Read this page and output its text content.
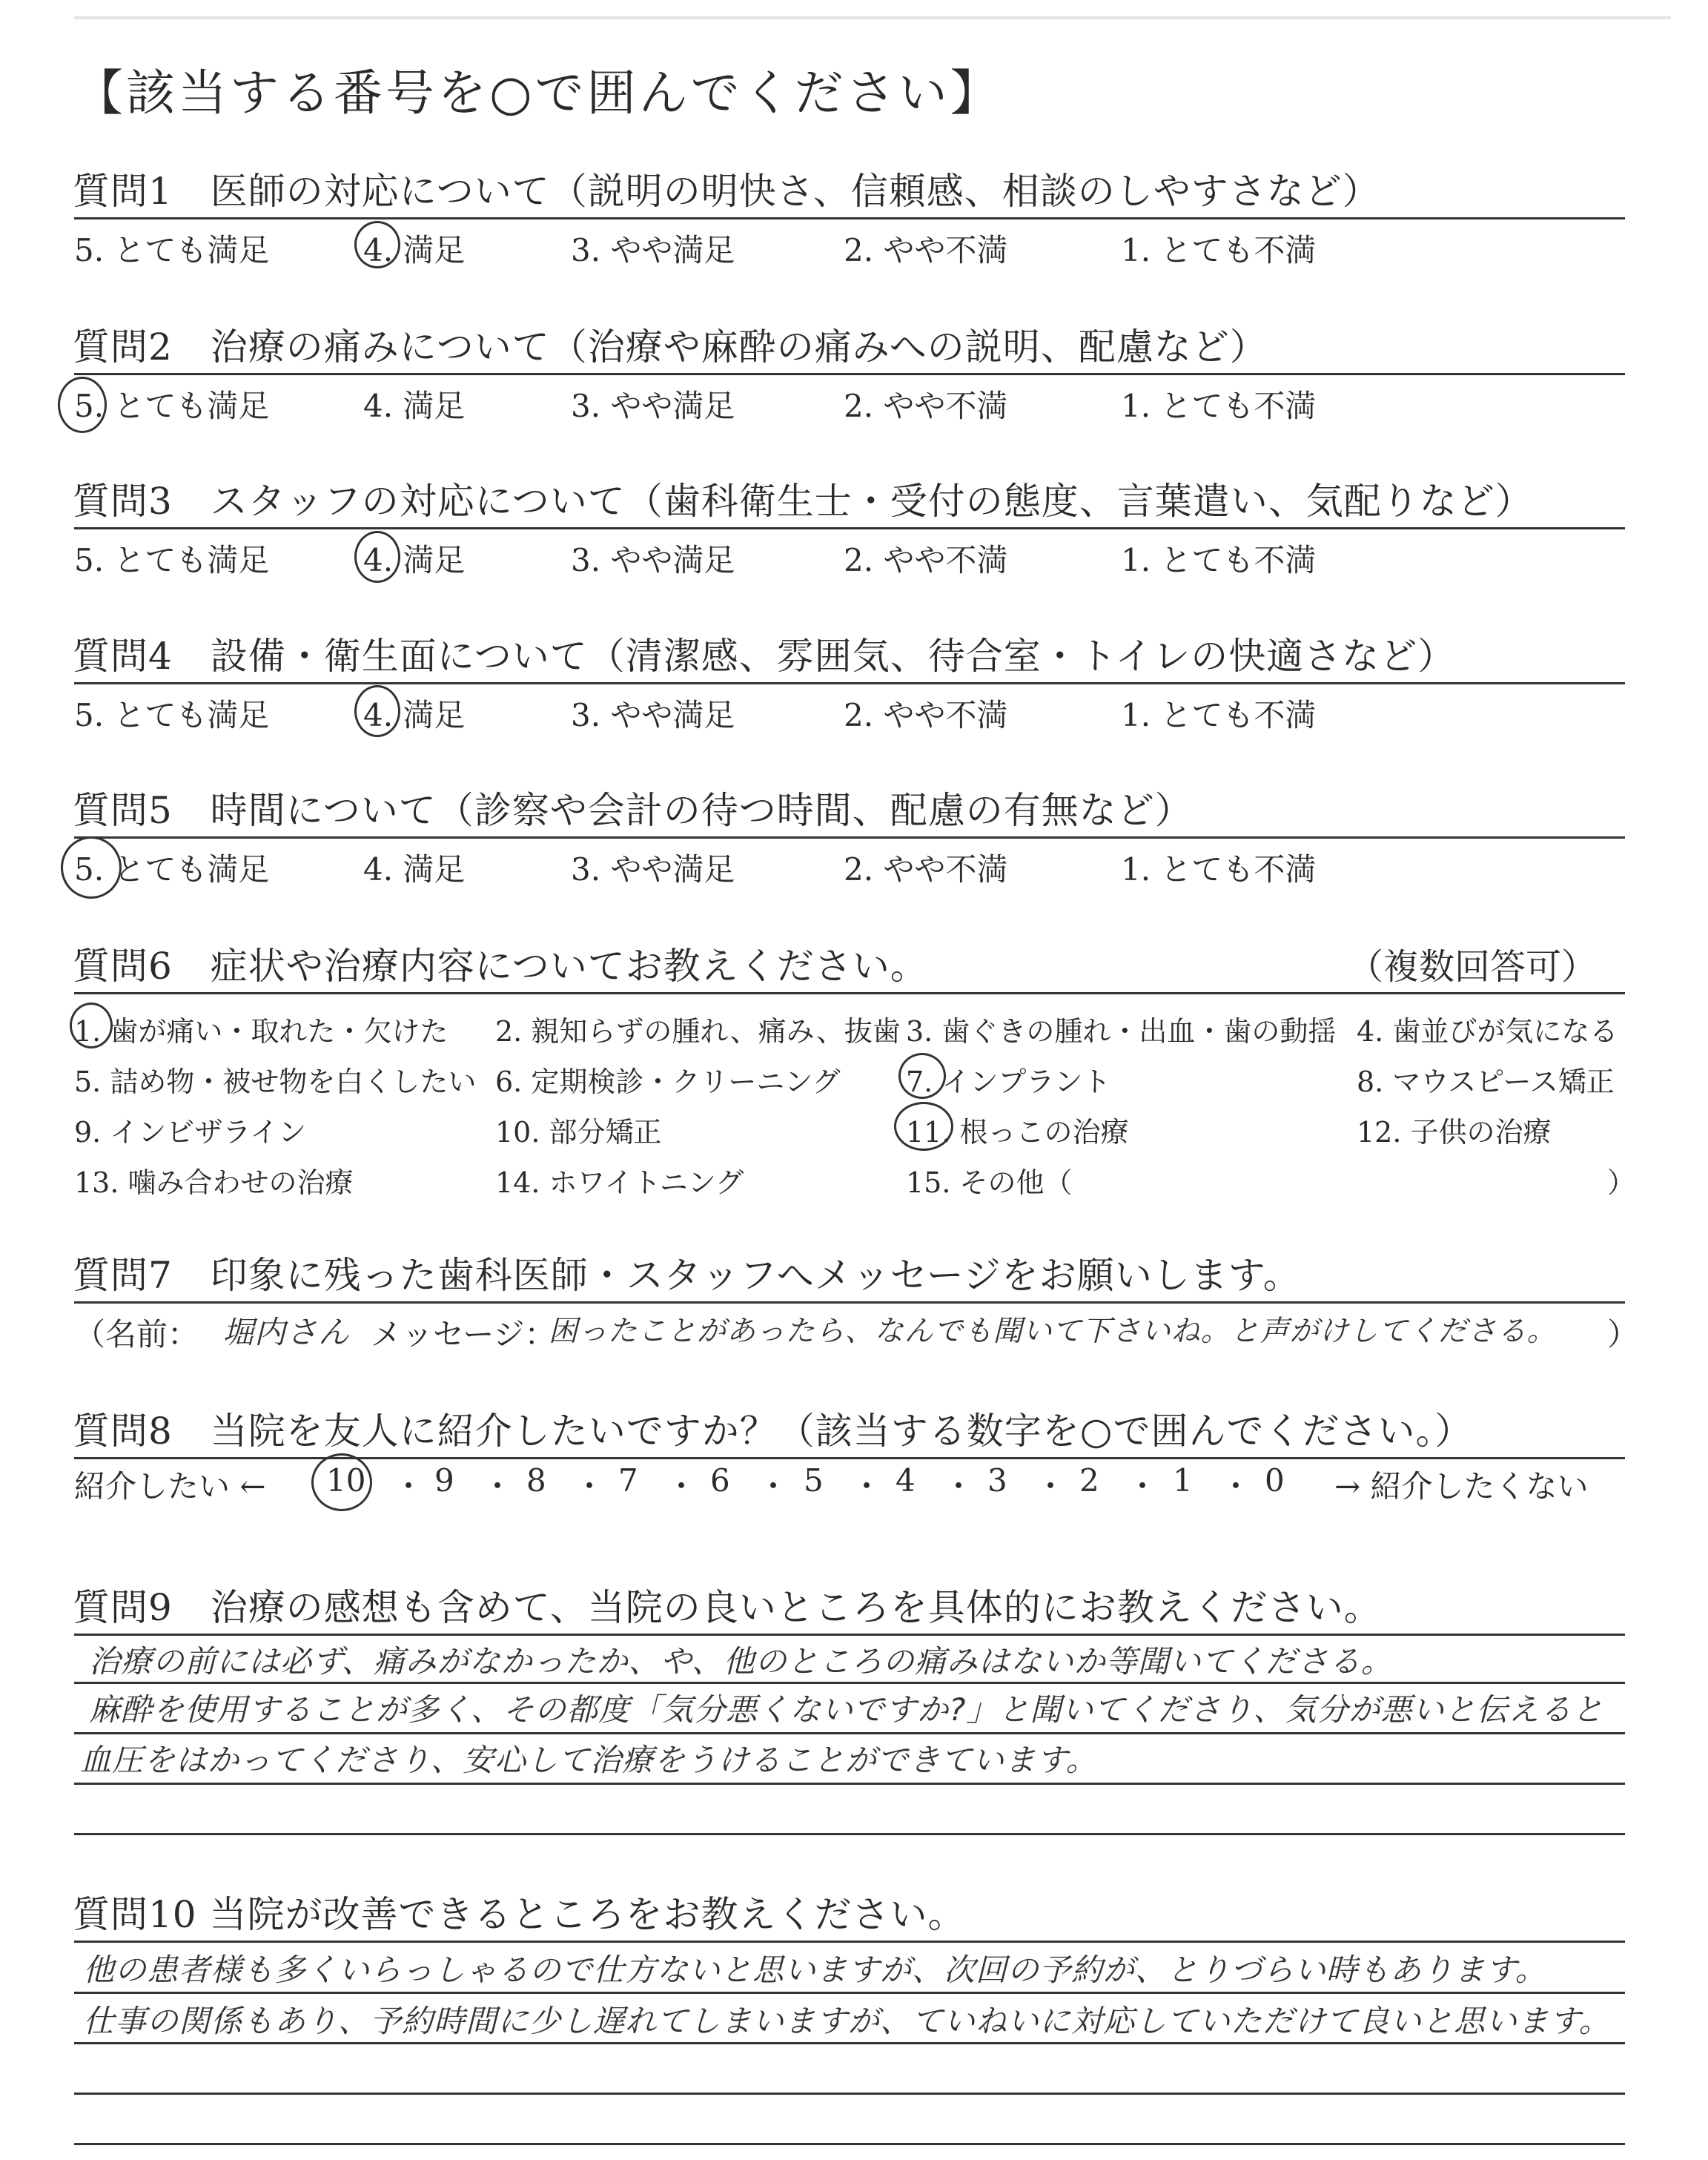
【該当する番号を○で囲んでください】
質問1　医師の対応について（説明の明快さ、信頼感、相談のしやすさなど）
5. とても満足	4. 満足	3. やや満足	2. やや不満	1. とても不満
質問2　治療の痛みについて（治療や麻酔の痛みへの説明、配慮など）
5. とても満足	4. 満足	3. やや満足	2. やや不満	1. とても不満
質問3　スタッフの対応について（歯科衛生士・受付の態度、言葉遣い、気配りなど）
5. とても満足	4. 満足	3. やや満足	2. やや不満	1. とても不満
質問4　設備・衛生面について（清潔感、雰囲気、待合室・トイレの快適さなど）
5. とても満足	4. 満足	3. やや満足	2. やや不満	1. とても不満
質問5　時間について（診察や会計の待つ時間、配慮の有無など）
5. とても満足	4. 満足	3. やや満足	2. やや不満	1. とても不満
質問6　症状や治療内容についてお教えください。	（複数回答可）
1. 歯が痛い・取れた・欠けた 2. 親知らずの腫れ、痛み、抜歯 3. 歯ぐきの腫れ・出血・歯の動揺 4. 歯並びが気になる
5. 詰め物・被せ物を白くしたい 6. 定期検診・クリーニング 7. インプラント	8. マウスピース矯正
9. インビザライン	10. 部分矯正	11. 根っこの治療	12. 子供の治療
13. 噛み合わせの治療	14. ホワイトニング	15. その他（	）
質問7　印象に残った歯科医師・スタッフへメッセージをお願いします。
（名前： 堀内さん メッセージ：
困ったことがあったら、なんでも聞いて下さいね。と声がけしてくださる。 ）
質問8　当院を友人に紹介したいですか？（該当する数字を○で囲んでください。）
紹介したい ← 10 ・ 9 ・ 8 ・ 7 ・ 6 ・ 5 ・ 4 ・ 3 ・ 2 ・ 1 ・ 0 → 紹介したくない
質問9　治療の感想も含めて、当院の良いところを具体的にお教えください。
治療の前には必ず、痛みがなかったか、や、他のところの痛みはないか等聞いてくださる。
麻酔を使用することが多く、その都度「気分悪くないですか?」と聞いてくださり、気分が悪いと伝えると
血圧をはかってくださり、安心して治療をうけることができています。
質問10 当院が改善できるところをお教えください。
他の患者様も多くいらっしゃるので仕方ないと思いますが、次回の予約が、とりづらい時もあります。
仕事の関係もあり、予約時間に少し遅れてしまいますが、ていねいに対応していただけて良いと思います。
